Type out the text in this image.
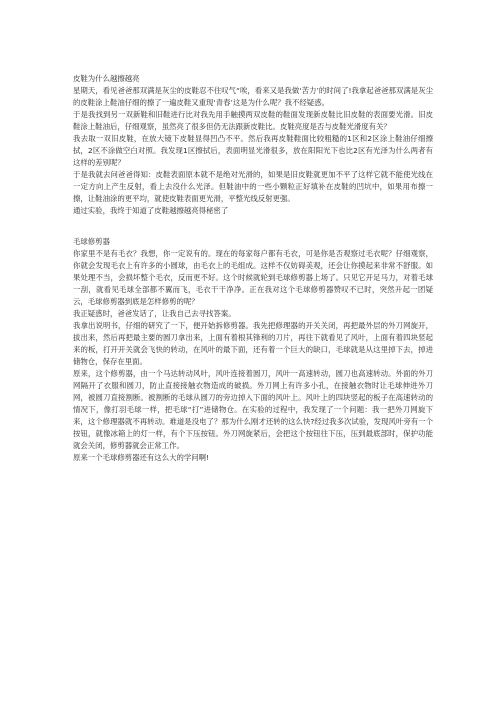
皮鞋为什么越擦越亮

星期天，看见爸爸那双满是灰尘的皮鞋忍不住叹气“唉，看来又是我做‘苦力’的时间了!我拿起爸爸那双满是灰尘的皮鞋涂上鞋油仔细的擦了一遍皮鞋又重现‘青春’这是为什么呢？我不经疑惑。

于是我找到另一双新鞋和旧鞋进行比对我先用手触摸两双皮鞋的鞋面发现新皮鞋比旧皮鞋的表面要光滑。旧皮鞋涂上鞋油后，仔细观察，虽然亮了很多但仍无法跟新皮鞋比。皮鞋亮度是否与皮鞋光滑度有关？

我去取一双旧皮鞋，在放大镜下皮鞋显得凹凸不平。然后我再皮鞋鞋面比较粗糙的1区和2区涂上鞋油仔细擦拭，2区不涂做空白对照。我发现1区擦拭后，表面明显光滑很多，放在阳阳光下也比2区有光泽为什么两者有这样的差别呢？

于是我就去问爸爸得知：皮鞋表面原本就不是绝对光滑的，如果是旧皮鞋就更加不平了这样它就不能使光线在一定方向上产生反射，看上去没什么光泽。但鞋油中的一些小颗粒正好填补在皮鞋的凹坑中，如果用布擦一擦，让鞋油涂的更平均，就使皮鞋表面更光滑，平整光线反射更强。

通过实验，我终于知道了皮鞋越擦越亮得秘密了

毛球修剪器

你家里不是有毛衣？我想，你一定说有的。现在的每家每户都有毛衣，可是你是否观察过毛衣呢？仔细观察，你就会发现毛衣上有许多的小圆球，由毛衣上的毛组成。这样不仅妨碍美观，还会让你摸起来非常不舒服。如果处理不当，会损坏整个毛衣，反而更不好。这个时候就轮到毛球修剪器上场了。只见它开足马力，对着毛球一刮，就看见毛球全部都不翼而飞，毛衣干干净净。正在我对这个毛球修剪器赞叹不已时，突然升起一团疑云，毛球修剪器到底是怎样修剪的呢？

我正疑惑时，爸爸发话了，让我自己去寻找答案。

我拿出说明书，仔细的研究了一下，便开始拆修剪器。我先把修理器的开关关闭，再把最外层的外刀网旋开，拔出来，然后再把最主要的圆刀拿出来，上面有着根其锋利的刀片，再往下就看见了风叶，上面有着四块竖起来的板，打开开关就会飞快的转动，在风叶的最下面，还有着一个巨大的缺口，毛球就是从这里掉下去，掉进储物仓，保存在里面。

原来，这个修剪器，由一个马达转动风叶，风叶连接着圆刀，风叶一高速转动，圆刀也高速转动。外面的外刀网隔开了衣服和圆刀，防止直接接触衣物造成的破损。外刀网上有许多小孔，在接触衣物时让毛球伸进外刀网，被圆刀直接割断。被割断的毛球从圆刀的旁边掉入下面的风叶上。风叶上的四块竖起的板子在高速转动的情况下，像打羽毛球一样，把毛球“打”进储物仓。在实验的过程中，我发现了一个问题：我一把外刀网旋下来，这个修理器就不再转动。难道是没电了？那为什么刚才还转的这么快?经过我多次试验，发现风叶旁有一个按钮，就像冰箱上的灯一样，有个下压按钮。外刀网旋紧后，会把这个按钮往下压，压到最底部时，保护功能就会关闭，修剪器就会正常工作。

原来一个毛球修剪器还有这么大的学问啊!
